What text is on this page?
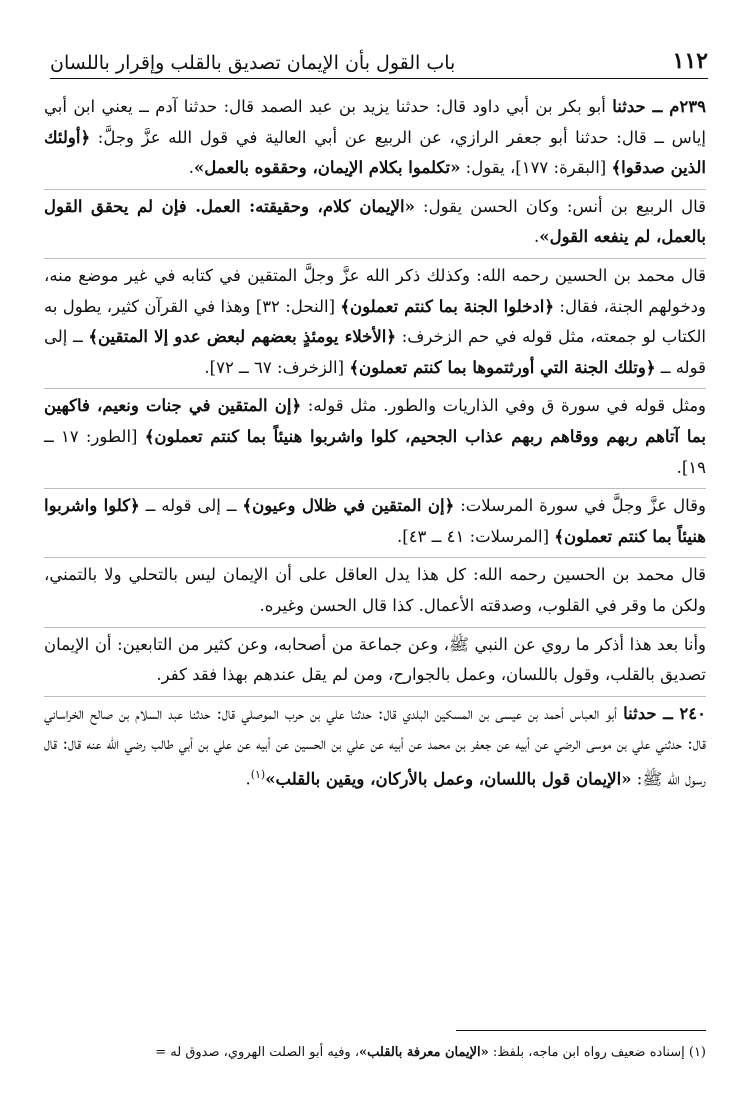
١١٢
باب القول بأن الإيمان تصديق بالقلب وإقرار باللسان

٢٣٩م ــ حدثنا أبو بكر بن أبي داود قال: حدثنا يزيد بن عبد الصمد قال: حدثنا آدم ــ يعني ابن أبي إياس ــ قال: حدثنا أبو جعفر الرازي، عن الربيع عن أبي العالية في قول الله عزَّ وجلَّ: ﴿أولئك الذين صدقوا﴾ [البقرة: ١٧٧]، يقول: «تكلموا بكلام الإيمان، وحققوه بالعمل».

قال الربيع بن أنس: وكان الحسن يقول: «الإيمان كلام، وحقيقته: العمل. فإن لم يحقق القول بالعمل، لم ينفعه القول».

قال محمد بن الحسين رحمه الله: وكذلك ذكر الله عزَّ وجلَّ المتقين في كتابه في غير موضع منه، ودخولهم الجنة، فقال: ﴿ادخلوا الجنة بما كنتم تعملون﴾ [النحل: ٣٢] وهذا في القرآن كثير، يطول به الكتاب لو جمعته، مثل قوله في حم الزخرف: ﴿الأخلاء يومئذٍ بعضهم لبعض عدو إلا المتقين﴾ ــ إلى قوله ــ ﴿وتلك الجنة التي أورثتموها بما كنتم تعملون﴾ [الزخرف: ٦٧ ــ ٧٢].

ومثل قوله في سورة ق وفي الذاريات والطور. مثل قوله: ﴿إن المتقين في جنات ونعيم، فاكهين بما آتاهم ربهم ووقاهم ربهم عذاب الجحيم، كلوا واشربوا هنيئاً بما كنتم تعملون﴾ [الطور: ١٧ ــ ١٩].

وقال عزَّ وجلَّ في سورة المرسلات: ﴿إن المتقين في ظلال وعيون﴾ ــ إلى قوله ــ ﴿كلوا واشربوا هنيئاً بما كنتم تعملون﴾ [المرسلات: ٤١ ــ ٤٣].

قال محمد بن الحسين رحمه الله: كل هذا يدل العاقل على أن الإيمان ليس بالتحلي ولا بالتمني، ولكن ما وقر في القلوب، وصدقته الأعمال. كذا قال الحسن وغيره.

وأنا بعد هذا أذكر ما روي عن النبي ﷺ، وعن جماعة من أصحابه، وعن كثير من التابعين: أن الإيمان تصديق بالقلب، وقول باللسان، وعمل بالجوارح، ومن لم يقل عندهم بهذا فقد كفر.

٢٤٠ ــ حدثنا أبو العباس أحمد بن عيسى بن المسكين البلدي قال: حدثنا علي بن حرب الموصلي قال: حدثنا عبد السلام بن صالح الخراساني قال: حدثني علي بن موسى الرضي عن أبيه عن جعفر بن محمد عن أبيه عن علي بن الحسين عن أبيه عن علي بن أبي طالب رضي الله عنه قال: قال رسول الله ﷺ: «الإيمان قول باللسان، وعمل بالأركان، ويقين بالقلب»$^{(١)}$.

(١) إسناده ضعيف رواه ابن ماجه، بلفظ: «الإيمان معرفة بالقلب»، وفيه أبو الصلت الهروي، صدوق له =
